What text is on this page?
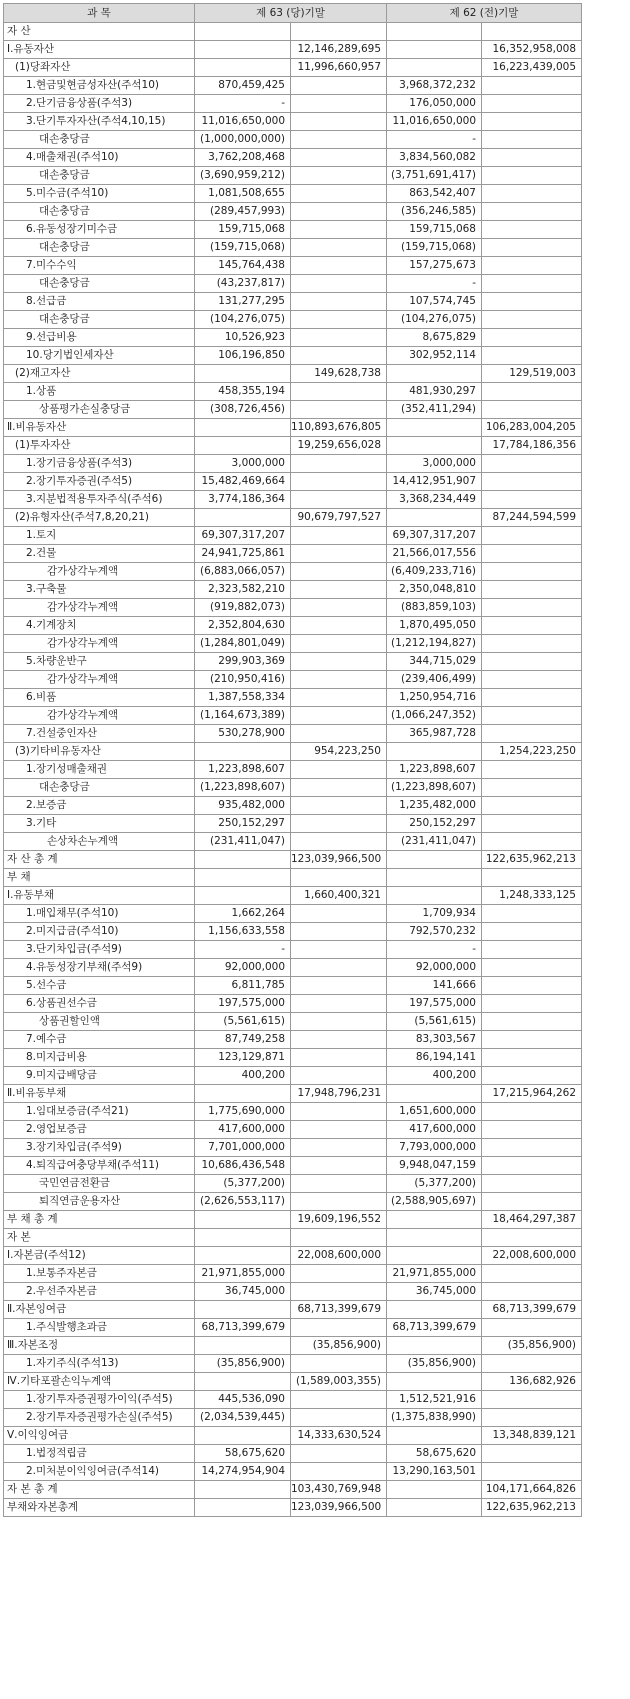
과 목	제 63 (당)기말		제 62 (전)기말	
자 산				
Ⅰ.유동자산		12,146,289,695		16,352,958,008
(1)당좌자산		11,996,660,957		16,223,439,005
1.현금및현금성자산(주석10)	870,459,425		3,968,372,232	
2.단기금융상품(주석3)	-		176,050,000	
3.단기투자자산(주석4,10,15)	11,016,650,000		11,016,650,000	
대손충당금	(1,000,000,000)		-	
4.매출채권(주석10)	3,762,208,468		3,834,560,082	
대손충당금	(3,690,959,212)		(3,751,691,417)	
5.미수금(주석10)	1,081,508,655		863,542,407	
대손충당금	(289,457,993)		(356,246,585)	
6.유동성장기미수금	159,715,068		159,715,068	
대손충당금	(159,715,068)		(159,715,068)	
7.미수수익	145,764,438		157,275,673	
대손충당금	(43,237,817)		-	
8.선급금	131,277,295		107,574,745	
대손충당금	(104,276,075)		(104,276,075)	
9.선급비용	10,526,923		8,675,829	
10.당기법인세자산	106,196,850		302,952,114	
(2)재고자산		149,628,738		129,519,003
1.상품	458,355,194		481,930,297	
상품평가손실충당금	(308,726,456)		(352,411,294)	
Ⅱ.비유동자산		110,893,676,805		106,283,004,205
(1)투자자산		19,259,656,028		17,784,186,356
1.장기금융상품(주석3)	3,000,000		3,000,000	
2.장기투자증권(주석5)	15,482,469,664		14,412,951,907	
3.지분법적용투자주식(주석6)	3,774,186,364		3,368,234,449	
(2)유형자산(주석7,8,20,21)		90,679,797,527		87,244,594,599
1.토지	69,307,317,207		69,307,317,207	
2.건물	24,941,725,861		21,566,017,556	
감가상각누계액	(6,883,066,057)		(6,409,233,716)	
3.구축물	2,323,582,210		2,350,048,810	
감가상각누계액	(919,882,073)		(883,859,103)	
4.기계장치	2,352,804,630		1,870,495,050	
감가상각누계액	(1,284,801,049)		(1,212,194,827)	
5.차량운반구	299,903,369		344,715,029	
감가상각누계액	(210,950,416)		(239,406,499)	
6.비품	1,387,558,334		1,250,954,716	
감가상각누계액	(1,164,673,389)		(1,066,247,352)	
7.건설중인자산	530,278,900		365,987,728	
(3)기타비유동자산		954,223,250		1,254,223,250
1.장기성매출채권	1,223,898,607		1,223,898,607	
대손충당금	(1,223,898,607)		(1,223,898,607)	
2.보증금	935,482,000		1,235,482,000	
3.기타	250,152,297		250,152,297	
손상차손누계액	(231,411,047)		(231,411,047)	
자 산 총 계		123,039,966,500		122,635,962,213
부 채				
Ⅰ.유동부채		1,660,400,321		1,248,333,125
1.매입채무(주석10)	1,662,264		1,709,934	
2.미지급금(주석10)	1,156,633,558		792,570,232	
3.단기차입금(주석9)	-		-	
4.유동성장기부채(주석9)	92,000,000		92,000,000	
5.선수금	6,811,785		141,666	
6.상품권선수금	197,575,000		197,575,000	
상품권할인액	(5,561,615)		(5,561,615)	
7.예수금	87,749,258		83,303,567	
8.미지급비용	123,129,871		86,194,141	
9.미지급배당금	400,200		400,200	
Ⅱ.비유동부채		17,948,796,231		17,215,964,262
1.임대보증금(주석21)	1,775,690,000		1,651,600,000	
2.영업보증금	417,600,000		417,600,000	
3.장기차입금(주석9)	7,701,000,000		7,793,000,000	
4.퇴직급여충당부채(주석11)	10,686,436,548		9,948,047,159	
국민연금전환금	(5,377,200)		(5,377,200)	
퇴직연금운용자산	(2,626,553,117)		(2,588,905,697)	
부 채 총 계		19,609,196,552		18,464,297,387
자 본				
Ⅰ.자본금(주석12)		22,008,600,000		22,008,600,000
1.보통주자본금	21,971,855,000		21,971,855,000	
2.우선주자본금	36,745,000		36,745,000	
Ⅱ.자본잉여금		68,713,399,679		68,713,399,679
1.주식발행초과금	68,713,399,679		68,713,399,679	
Ⅲ.자본조정		(35,856,900)		(35,856,900)
1.자기주식(주석13)	(35,856,900)		(35,856,900)	
Ⅳ.기타포괄손익누계액		(1,589,003,355)		136,682,926
1.장기투자증권평가이익(주석5)	445,536,090		1,512,521,916	
2.장기투자증권평가손실(주석5)	(2,034,539,445)		(1,375,838,990)	
Ⅴ.이익잉여금		14,333,630,524		13,348,839,121
1.법정적립금	58,675,620		58,675,620	
2.미처분이익잉여금(주석14)	14,274,954,904		13,290,163,501	
자 본 총 계		103,430,769,948		104,171,664,826
부채와자본총계		123,039,966,500		122,635,962,213
